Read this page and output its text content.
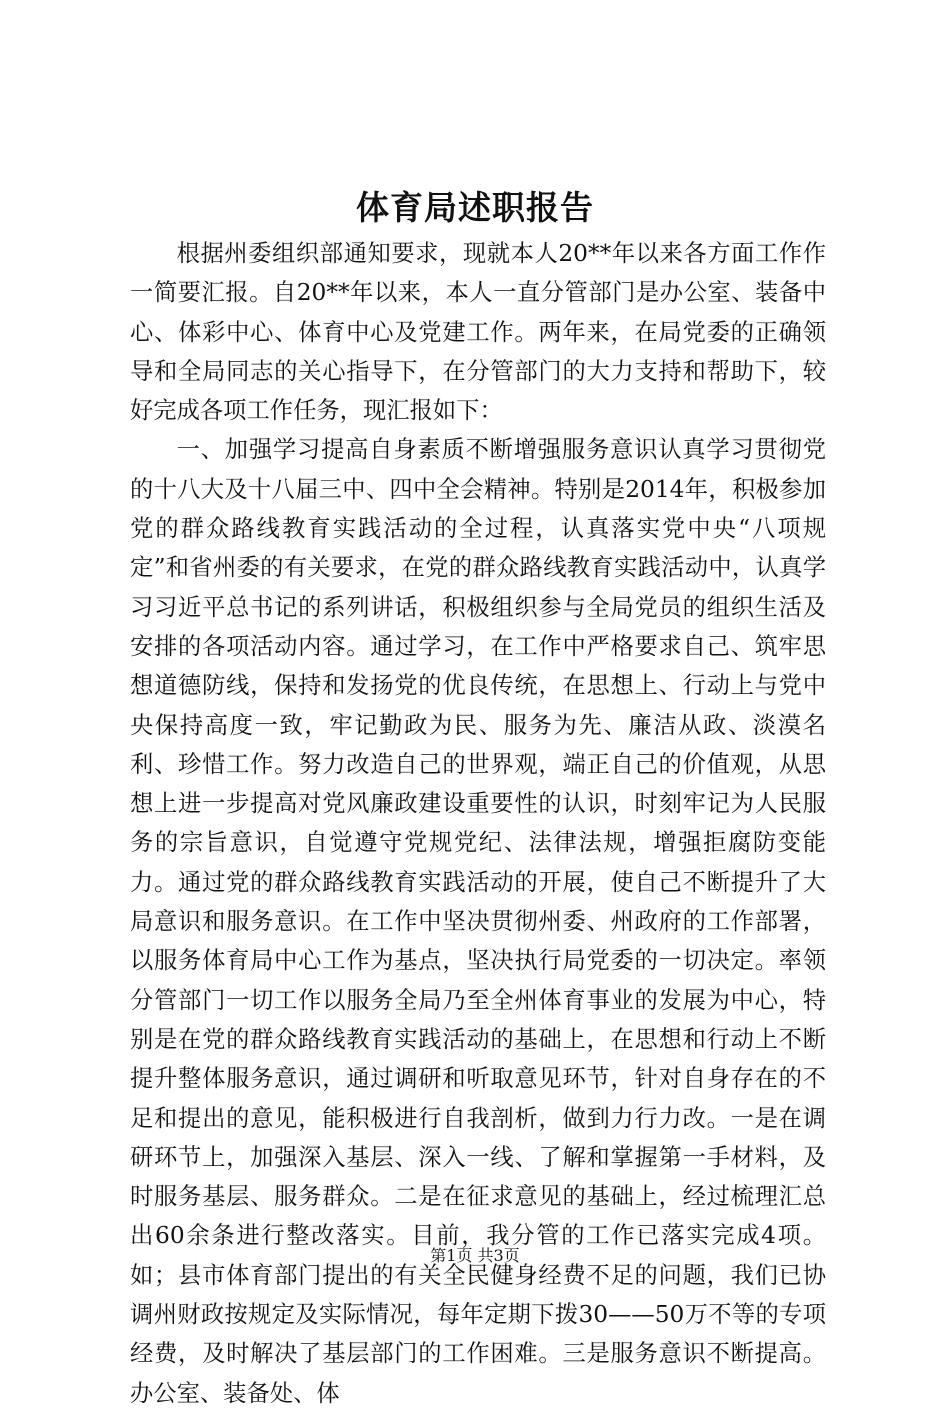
体育局述职报告

根据州委组织部通知要求，现就本人20**年以来各方面工作作一简要汇报。自20**年以来，本人一直分管部门是办公室、装备中心、体彩中心、体育中心及党建工作。两年来，在局党委的正确领导和全局同志的关心指导下，在分管部门的大力支持和帮助下，较好完成各项工作任务，现汇报如下：

一、加强学习提高自身素质不断增强服务意识认真学习贯彻党的十八大及十八届三中、四中全会精神。特别是2014年，积极参加党的群众路线教育实践活动的全过程，认真落实党中央“八项规定”和省州委的有关要求，在党的群众路线教育实践活动中，认真学习习近平总书记的系列讲话，积极组织参与全局党员的组织生活及安排的各项活动内容。通过学习，在工作中严格要求自己、筑牢思想道德防线，保持和发扬党的优良传统，在思想上、行动上与党中央保持高度一致，牢记勤政为民、服务为先、廉洁从政、淡漠名利、珍惜工作。努力改造自己的世界观，端正自己的价值观，从思想上进一步提高对党风廉政建设重要性的认识，时刻牢记为人民服务的宗旨意识，自觉遵守党规党纪、法律法规，增强拒腐防变能力。通过党的群众路线教育实践活动的开展，使自己不断提升了大局意识和服务意识。在工作中坚决贯彻州委、州政府的工作部署，以服务体育局中心工作为基点，坚决执行局党委的一切决定。率领分管部门一切工作以服务全局乃至全州体育事业的发展为中心，特别是在党的群众路线教育实践活动的基础上，在思想和行动上不断提升整体服务意识，通过调研和听取意见环节，针对自身存在的不足和提出的意见，能积极进行自我剖析，做到力行力改。一是在调研环节上，加强深入基层、深入一线、了解和掌握第一手材料，及时服务基层、服务群众。二是在征求意见的基础上，经过梳理汇总出60余条进行整改落实。目前，我分管的工作已落实完成4项。如；县市体育部门提出的有关全民健身经费不足的问题，我们已协调州财政按规定及实际情况，每年定期下拨30——50万不等的专项经费，及时解决了基层部门的工作困难。三是服务意识不断提高。办公室、装备处、体

第1页 共3页
